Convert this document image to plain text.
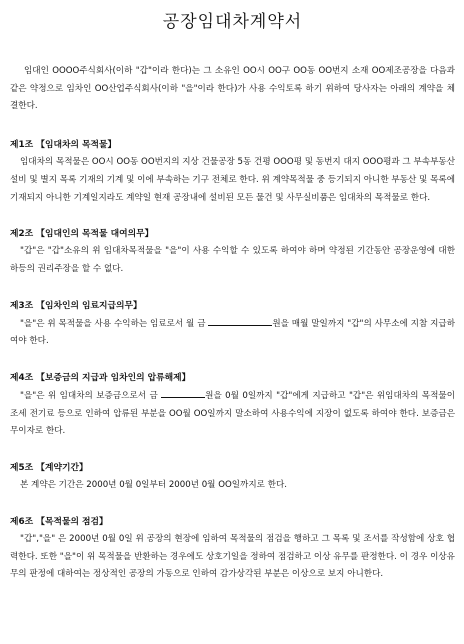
공장임대차계약서

임대인 OOOO주식회사(이하 "갑"이라 한다)는 그 소유인 OO시 OO구 OO동 OO번지 소재 OO제조공장을 다음과 같은 약정으로 임차인 OO산업주식회사(이하 "을"이라 한다)가 사용 수익토록 하기 위하여 당사자는 아래의 계약을 체결한다.

제1조 【임대차의 목적물】

임대차의 목적물은 OO시 OO동 OO번지의 지상 건물공장 5동 건평 OOO평 및 동번지 대지 OOO평과 그 부속부동산설비 및 별지 목록 기재의 기계 및 이에 부속하는 기구 전체로 한다. 위 계약목적물 중 등기되지 아니한 부동산 및 목록에 기재되지 아니한 기계일지라도 계약일 현재 공장내에 설비된 모든 물건 및 사무실비품은 임대차의 목적물로 한다.

제2조 【임대인의 목적물 대여의무】

"갑"은 "갑"소유의 위 임대차목적물을 "을"이 사용 수익할 수 있도록 하여야 하며 약정된 기간동안 공장운영에 대한 하등의 권리주장을 할 수 없다.

제3조 【임차인의 임료지급의무】

"을"은 위 목적물을 사용 수익하는 임료로서 월 금	원을 매월 말일까지 "갑"의 사무소에 지참 지급하여야 한다.

제4조 【보증금의 지급과 임차인의 압류해제】

"을"은 위 임대차의 보증금으로서 금	원을 0월 0일까지 "갑"에게 지급하고 "갑"은 위임대차의 목적물이 조세 전기료 등으로 인하여 압류된 부분을 OO월 OO일까지 말소하여 사용수익에 지장이 없도록 하여야 한다. 보증금은 무이자로 한다.

제5조 【계약기간】

본 계약은 기간은 2000년 0월 0일부터 2000년 0월 OO일까지로 한다.

제6조 【목적물의 점검】

"갑","을" 은 2000년 0월 0일 위 공장의 현장에 임하여 목적물의 점검을 행하고 그 목록 및 조서를 작성함에 상호 협력한다. 또한 "을"이 위 목적물을 반환하는 경우에도 상호기일을 정하여 점검하고 이상 유무를 판정한다. 이 경우 이상유무의 판정에 대하여는 정상적인 공장의 가동으로 인하여 감가상각된 부분은 이상으로 보지 아니한다.
